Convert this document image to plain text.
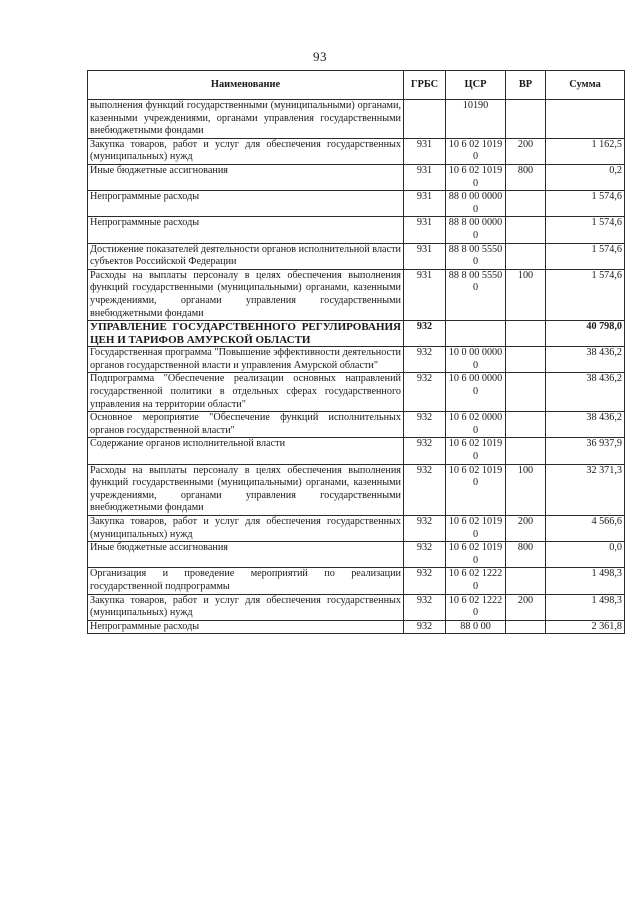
93
Наименование	ГРБС	ЦСР	ВР	Сумма
выполнения функций государственными (муниципальными) органами, казенными учреждениями, органами управления государственными внебюджетными фондами		10190		
Закупка товаров, работ и услуг для обеспечения государственных (муниципальных) нужд	931	10 6 02 10190	200	1 162,5
Иные бюджетные ассигнования	931	10 6 02 10190	800	0,2
Непрограммные расходы	931	88 0 00 00000		1 574,6
Непрограммные расходы	931	88 8 00 00000		1 574,6
Достижение показателей деятельности органов исполнительной власти субъектов Российской Федерации	931	88 8 00 55500		1 574,6
Расходы на выплаты персоналу в целях обеспечения выполнения функций государственными (муниципальными) органами, казенными учреждениями, органами управления государственными внебюджетными фондами	931	88 8 00 55500	100	1 574,6
УПРАВЛЕНИЕ ГОСУДАРСТВЕННОГО РЕГУЛИРОВАНИЯ ЦЕН И ТАРИФОВ АМУРСКОЙ ОБЛАСТИ	932			40 798,0
Государственная программа "Повышение эффективности деятельности органов государственной власти и управления Амурской области"	932	10 0 00 00000		38 436,2
Подпрограмма "Обеспечение реализации основных направлений государственной политики в отдельных сферах государственного управления на территории области"	932	10 6 00 00000		38 436,2
Основное мероприятие "Обеспечение функций исполнительных органов государственной власти"	932	10 6 02 00000		38 436,2
Содержание органов исполнительной власти	932	10 6 02 10190		36 937,9
Расходы на выплаты персоналу в целях обеспечения выполнения функций государственными (муниципальными) органами, казенными учреждениями, органами управления государственными внебюджетными фондами	932	10 6 02 10190	100	32 371,3
Закупка товаров, работ и услуг для обеспечения государственных (муниципальных) нужд	932	10 6 02 10190	200	4 566,6
Иные бюджетные ассигнования	932	10 6 02 10190	800	0,0
Организация и проведение мероприятий по реализации государственной подпрограммы	932	10 6 02 12220		1 498,3
Закупка товаров, работ и услуг для обеспечения государственных (муниципальных) нужд	932	10 6 02 12220	200	1 498,3
Непрограммные расходы	932	88 0 00		2 361,8
